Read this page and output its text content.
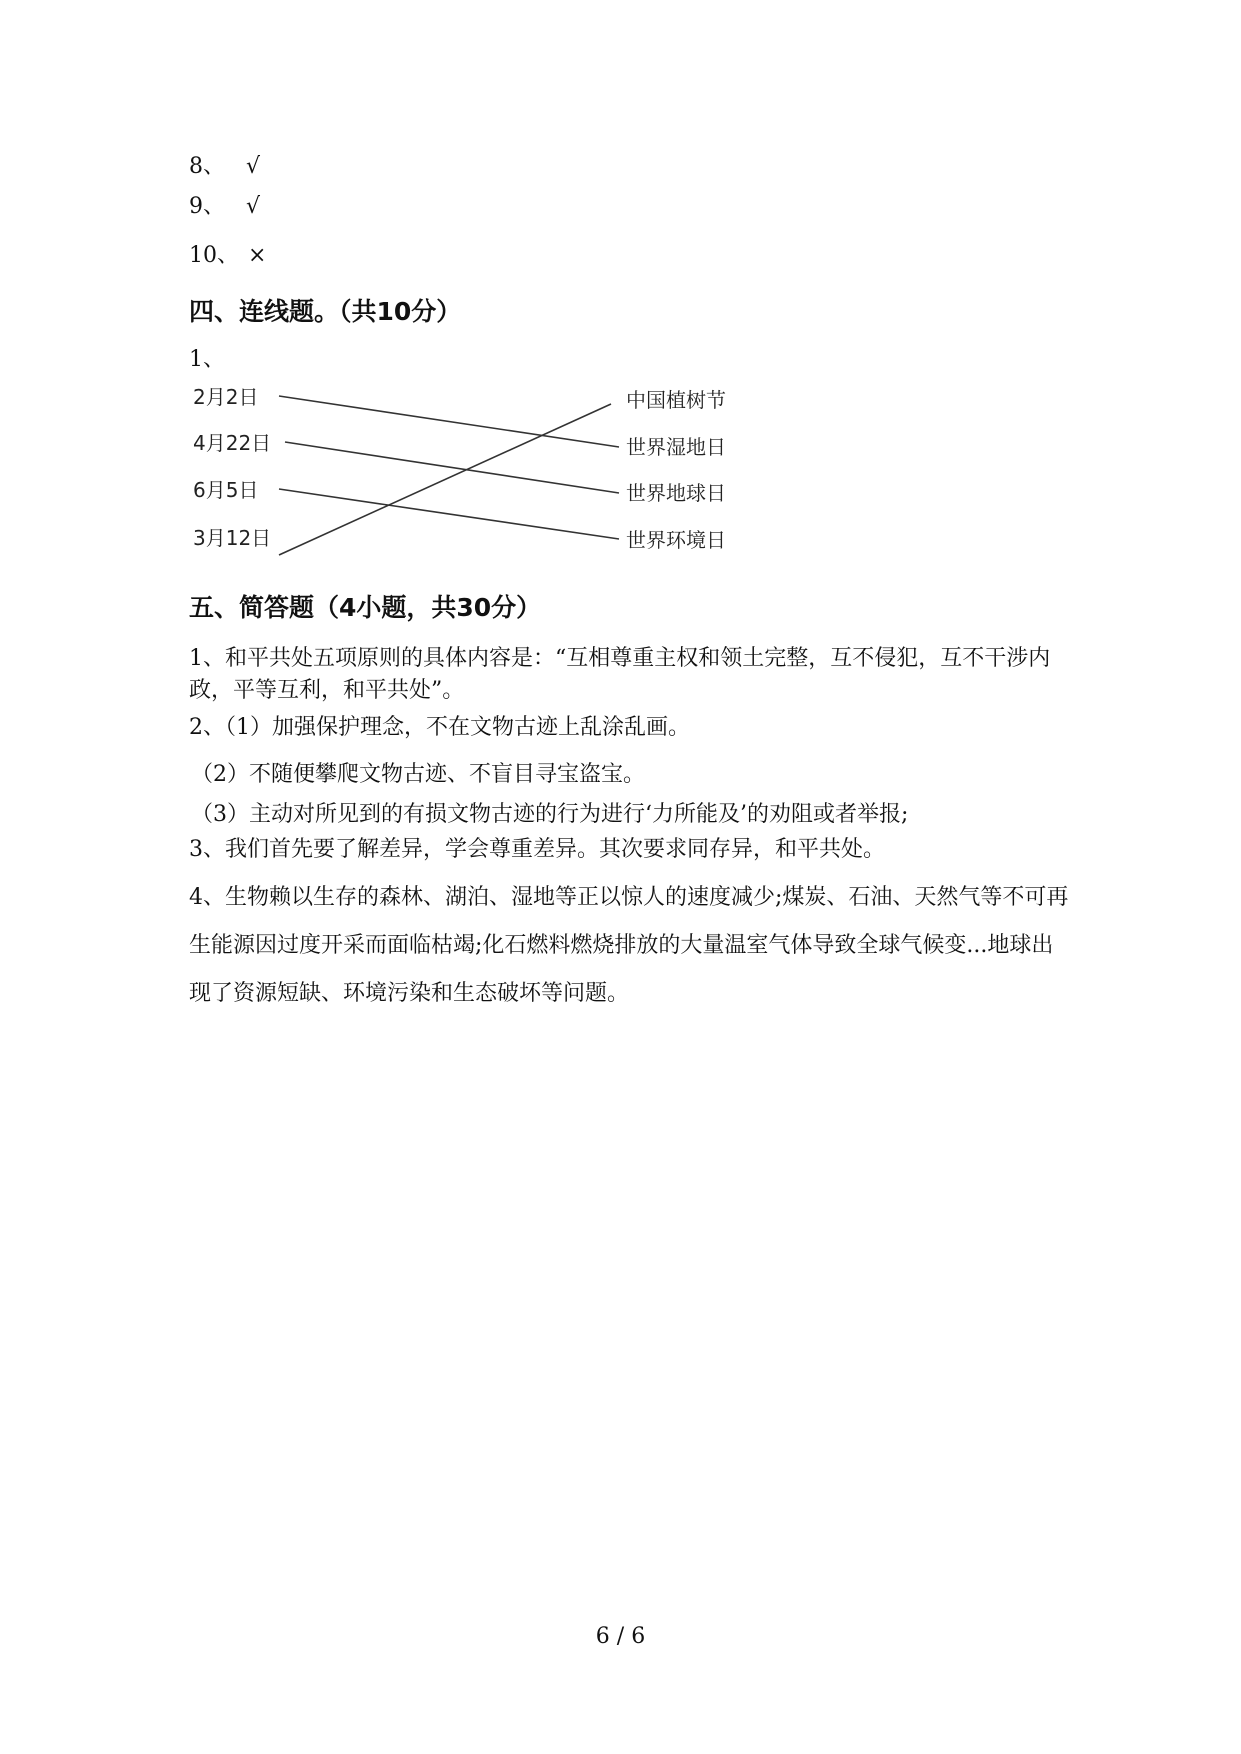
8、 √
9、 √
10、 ×
四、连线题。（共10分）
1、
2月2日
4月22日
6月5日
3月12日
中国植树节
世界湿地日
世界地球日
世界环境日
五、简答题（4小题，共30分）
1、和平共处五项原则的具体内容是：“互相尊重主权和领土完整，互不侵犯，互不干涉内政，平等互利，和平共处”。
2、（1）加强保护理念，不在文物古迹上乱涂乱画。
（2）不随便攀爬文物古迹、不盲目寻宝盗宝。
（3）主动对所见到的有损文物古迹的行为进行‘力所能及’的劝阻或者举报;
3、我们首先要了解差异，学会尊重差异。其次要求同存异，和平共处。
4、生物赖以生存的森林、湖泊、湿地等正以惊人的速度减少;煤炭、石油、天然气等不可再生能源因过度开采而面临枯竭;化石燃料燃烧排放的大量温室气体导致全球气候变...地球出现了资源短缺、环境污染和生态破坏等问题。
6 / 6
